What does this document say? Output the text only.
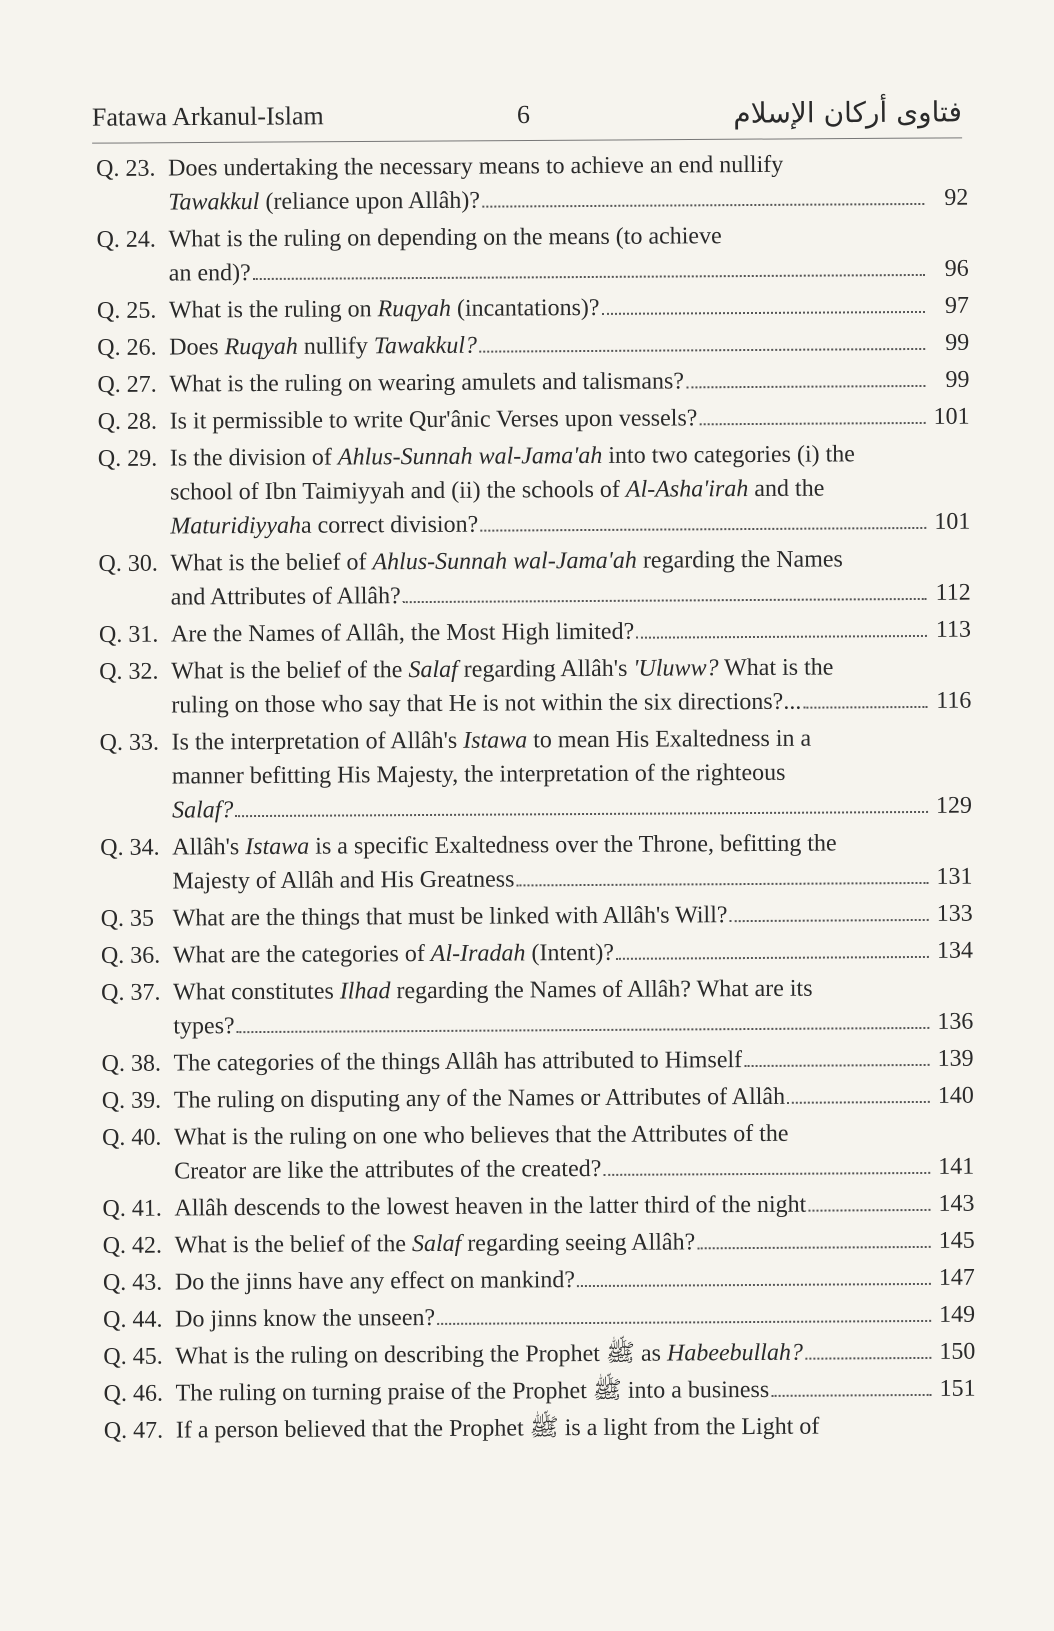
Fatawa Arkanul-Islam	6	فتاوى أركان الإسلام
Q. 23. Does undertaking the necessary means to achieve an end nullify
Tawakkul (reliance upon Allâh)?	92
Q. 24. What is the ruling on depending on the means (to achieve
an end)?	96
Q. 25. What is the ruling on Ruqyah (incantations)?	97
Q. 26. Does Ruqyah nullify Tawakkul?	99
Q. 27. What is the ruling on wearing amulets and talismans?	99
Q. 28. Is it permissible to write Qur'ânic Verses upon vessels?	101
Q. 29. Is the division of Ahlus-Sunnah wal-Jama'ah into two categories (i) the
school of Ibn Taimiyyah and (ii) the schools of Al-Asha'irah and the
Maturidiyyaha correct division?	101
Q. 30. What is the belief of Ahlus-Sunnah wal-Jama'ah regarding the Names
and Attributes of Allâh?	112
Q. 31. Are the Names of Allâh, the Most High limited?	113
Q. 32. What is the belief of the Salaf regarding Allâh's 'Uluww? What is the
ruling on those who say that He is not within the six directions?...	116
Q. 33. Is the interpretation of Allâh's Istawa to mean His Exaltedness in a
manner befitting His Majesty, the interpretation of the righteous
Salaf?	129
Q. 34. Allâh's Istawa is a specific Exaltedness over the Throne, befitting the
Majesty of Allâh and His Greatness	131
Q. 35 What are the things that must be linked with Allâh's Will?	133
Q. 36. What are the categories of Al-Iradah (Intent)?	134
Q. 37. What constitutes Ilhad regarding the Names of Allâh? What are its
types?	136
Q. 38. The categories of the things Allâh has attributed to Himself	139
Q. 39. The ruling on disputing any of the Names or Attributes of Allâh	140
Q. 40. What is the ruling on one who believes that the Attributes of the
Creator are like the attributes of the created?	141
Q. 41. Allâh descends to the lowest heaven in the latter third of the night	143
Q. 42. What is the belief of the Salaf regarding seeing Allâh?	145
Q. 43. Do the jinns have any effect on mankind?	147
Q. 44. Do jinns know the unseen?	149
Q. 45. What is the ruling on describing the Prophet ﷺ as Habeebullah?	150
Q. 46. The ruling on turning praise of the Prophet ﷺ into a business	151
Q. 47. If a person believed that the Prophet ﷺ is a light from the Light of
